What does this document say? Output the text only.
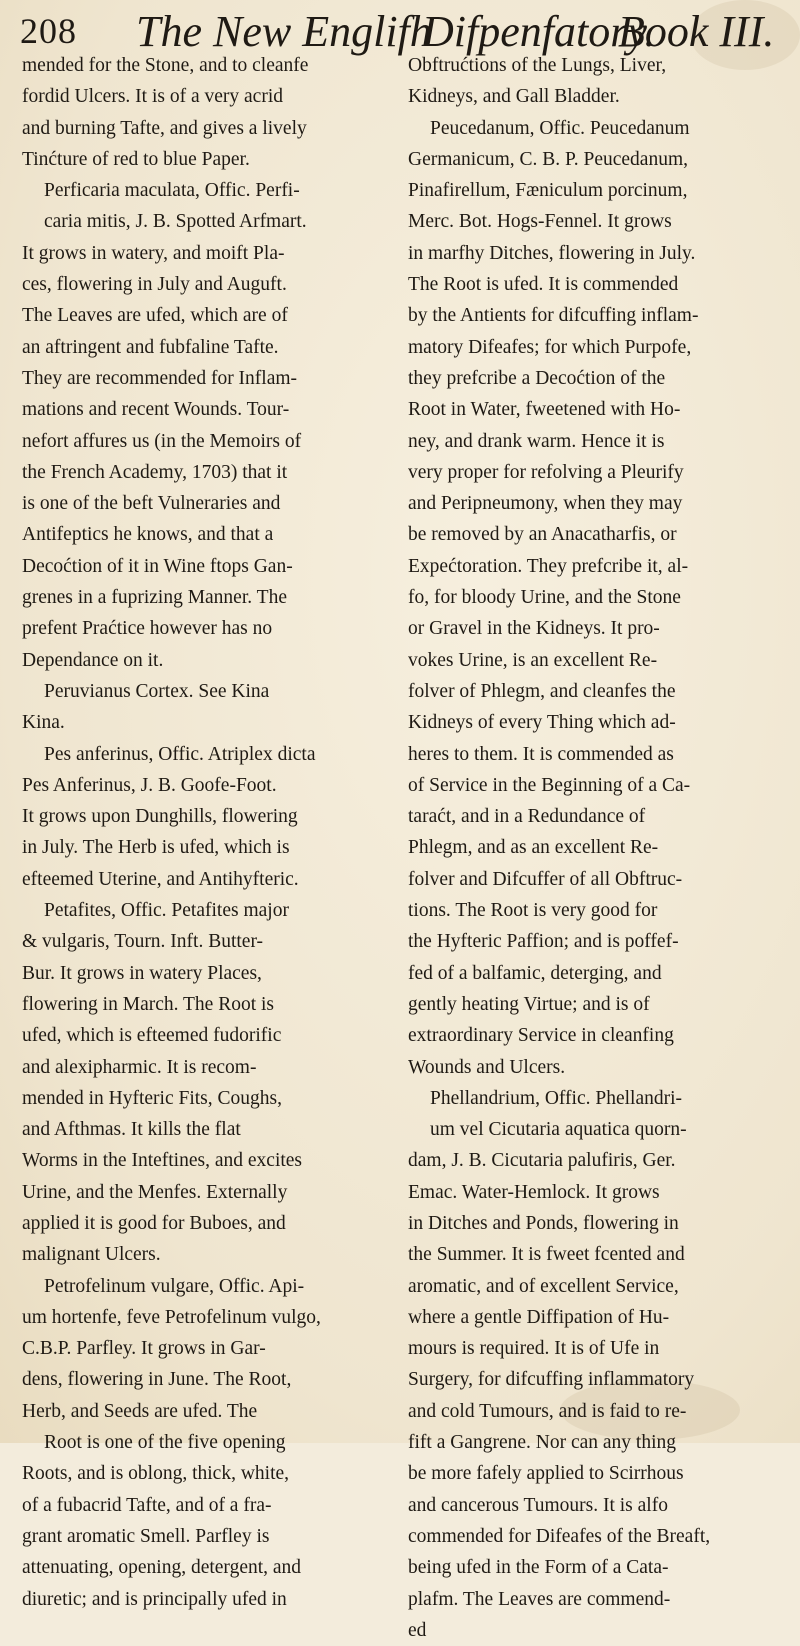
208 The New Englifh
Difpenfatory.
Book III.
mended for the Stone, and to cleanfe
fordid Ulcers. It is of a very acrid
and burning Tafte, and gives a lively
Tinćture of red to blue Paper.
Perficaria maculata, Offic. Perfi-
caria mitis, J. B. Spotted Arfmart.
It grows in watery, and moift Pla-
ces, flowering in July and Auguft.
The Leaves are ufed, which are of
an aftringent and fubfaline Tafte.
They are recommended for Inflam-
mations and recent Wounds. Tour-
nefort affures us (in the Memoirs of
the French Academy, 1703) that it
is one of the beft Vulneraries and
Antifeptics he knows, and that a
Decoćtion of it in Wine ftops Gan-
grenes in a fuprizing Manner. The
prefent Praćtice however has no
Dependance on it.
Peruvianus Cortex. See Kina
Kina.
Pes anferinus, Offic. Atriplex dicta
Pes Anferinus, J. B. Goofe-Foot.
It grows upon Dunghills, flowering
in July. The Herb is ufed, which is
efteemed Uterine, and Antihyfteric.
Petafites, Offic. Petafites major
& vulgaris, Tourn. Inft. Butter-
Bur. It grows in watery Places,
flowering in March. The Root is
ufed, which is efteemed fudorific
and alexipharmic. It is recom-
mended in Hyfteric Fits, Coughs,
and Afthmas. It kills the flat
Worms in the Inteftines, and excites
Urine, and the Menfes. Externally
applied it is good for Buboes, and
malignant Ulcers.
Petrofelinum vulgare, Offic. Api-
um hortenfe, feve Petrofelinum vulgo,
C.B.P. Parfley. It grows in Gar-
dens, flowering in June. The Root,
Herb, and Seeds are ufed. The
Root is one of the five opening
Roots, and is oblong, thick, white,
of a fubacrid Tafte, and of a fra-
grant aromatic Smell. Parfley is
attenuating, opening, detergent, and
diuretic; and is principally ufed in
Obftrućtions of the Lungs, Liver,
Kidneys, and Gall Bladder.
Peucedanum, Offic. Peucedanum
Germanicum, C. B. P. Peucedanum,
Pinafirellum, Fæniculum porcinum,
Merc. Bot. Hogs-Fennel. It grows
in marfhy Ditches, flowering in July.
The Root is ufed. It is commended
by the Antients for difcuffing inflam-
matory Difeafes; for which Purpofe,
they prefcribe a Decoćtion of the
Root in Water, fweetened with Ho-
ney, and drank warm. Hence it is
very proper for refolving a Pleurify
and Peripneumony, when they may
be removed by an Anacatharfis, or
Expećtoration. They prefcribe it, al-
fo, for bloody Urine, and the Stone
or Gravel in the Kidneys. It pro-
vokes Urine, is an excellent Re-
folver of Phlegm, and cleanfes the
Kidneys of every Thing which ad-
heres to them. It is commended as
of Service in the Beginning of a Ca-
taraćt, and in a Redundance of
Phlegm, and as an excellent Re-
folver and Difcuffer of all Obftruc-
tions. The Root is very good for
the Hyfteric Paffion; and is poffef-
fed of a balfamic, deterging, and
gently heating Virtue; and is of
extraordinary Service in cleanfing
Wounds and Ulcers.
Phellandrium, Offic. Phellandri-
um vel Cicutaria aquatica quorn-
dam, J. B. Cicutaria palufiris, Ger.
Emac. Water-Hemlock. It grows
in Ditches and Ponds, flowering in
the Summer. It is fweet fcented and
aromatic, and of excellent Service,
where a gentle Diffipation of Hu-
mours is required. It is of Ufe in
Surgery, for difcuffing inflammatory
and cold Tumours, and is faid to re-
fift a Gangrene. Nor can any thing
be more fafely applied to Scirrhous
and cancerous Tumours. It is alfo
commended for Difeafes of the Breaft,
being ufed in the Form of a Cata-
plafm. The Leaves are commend-
ed
